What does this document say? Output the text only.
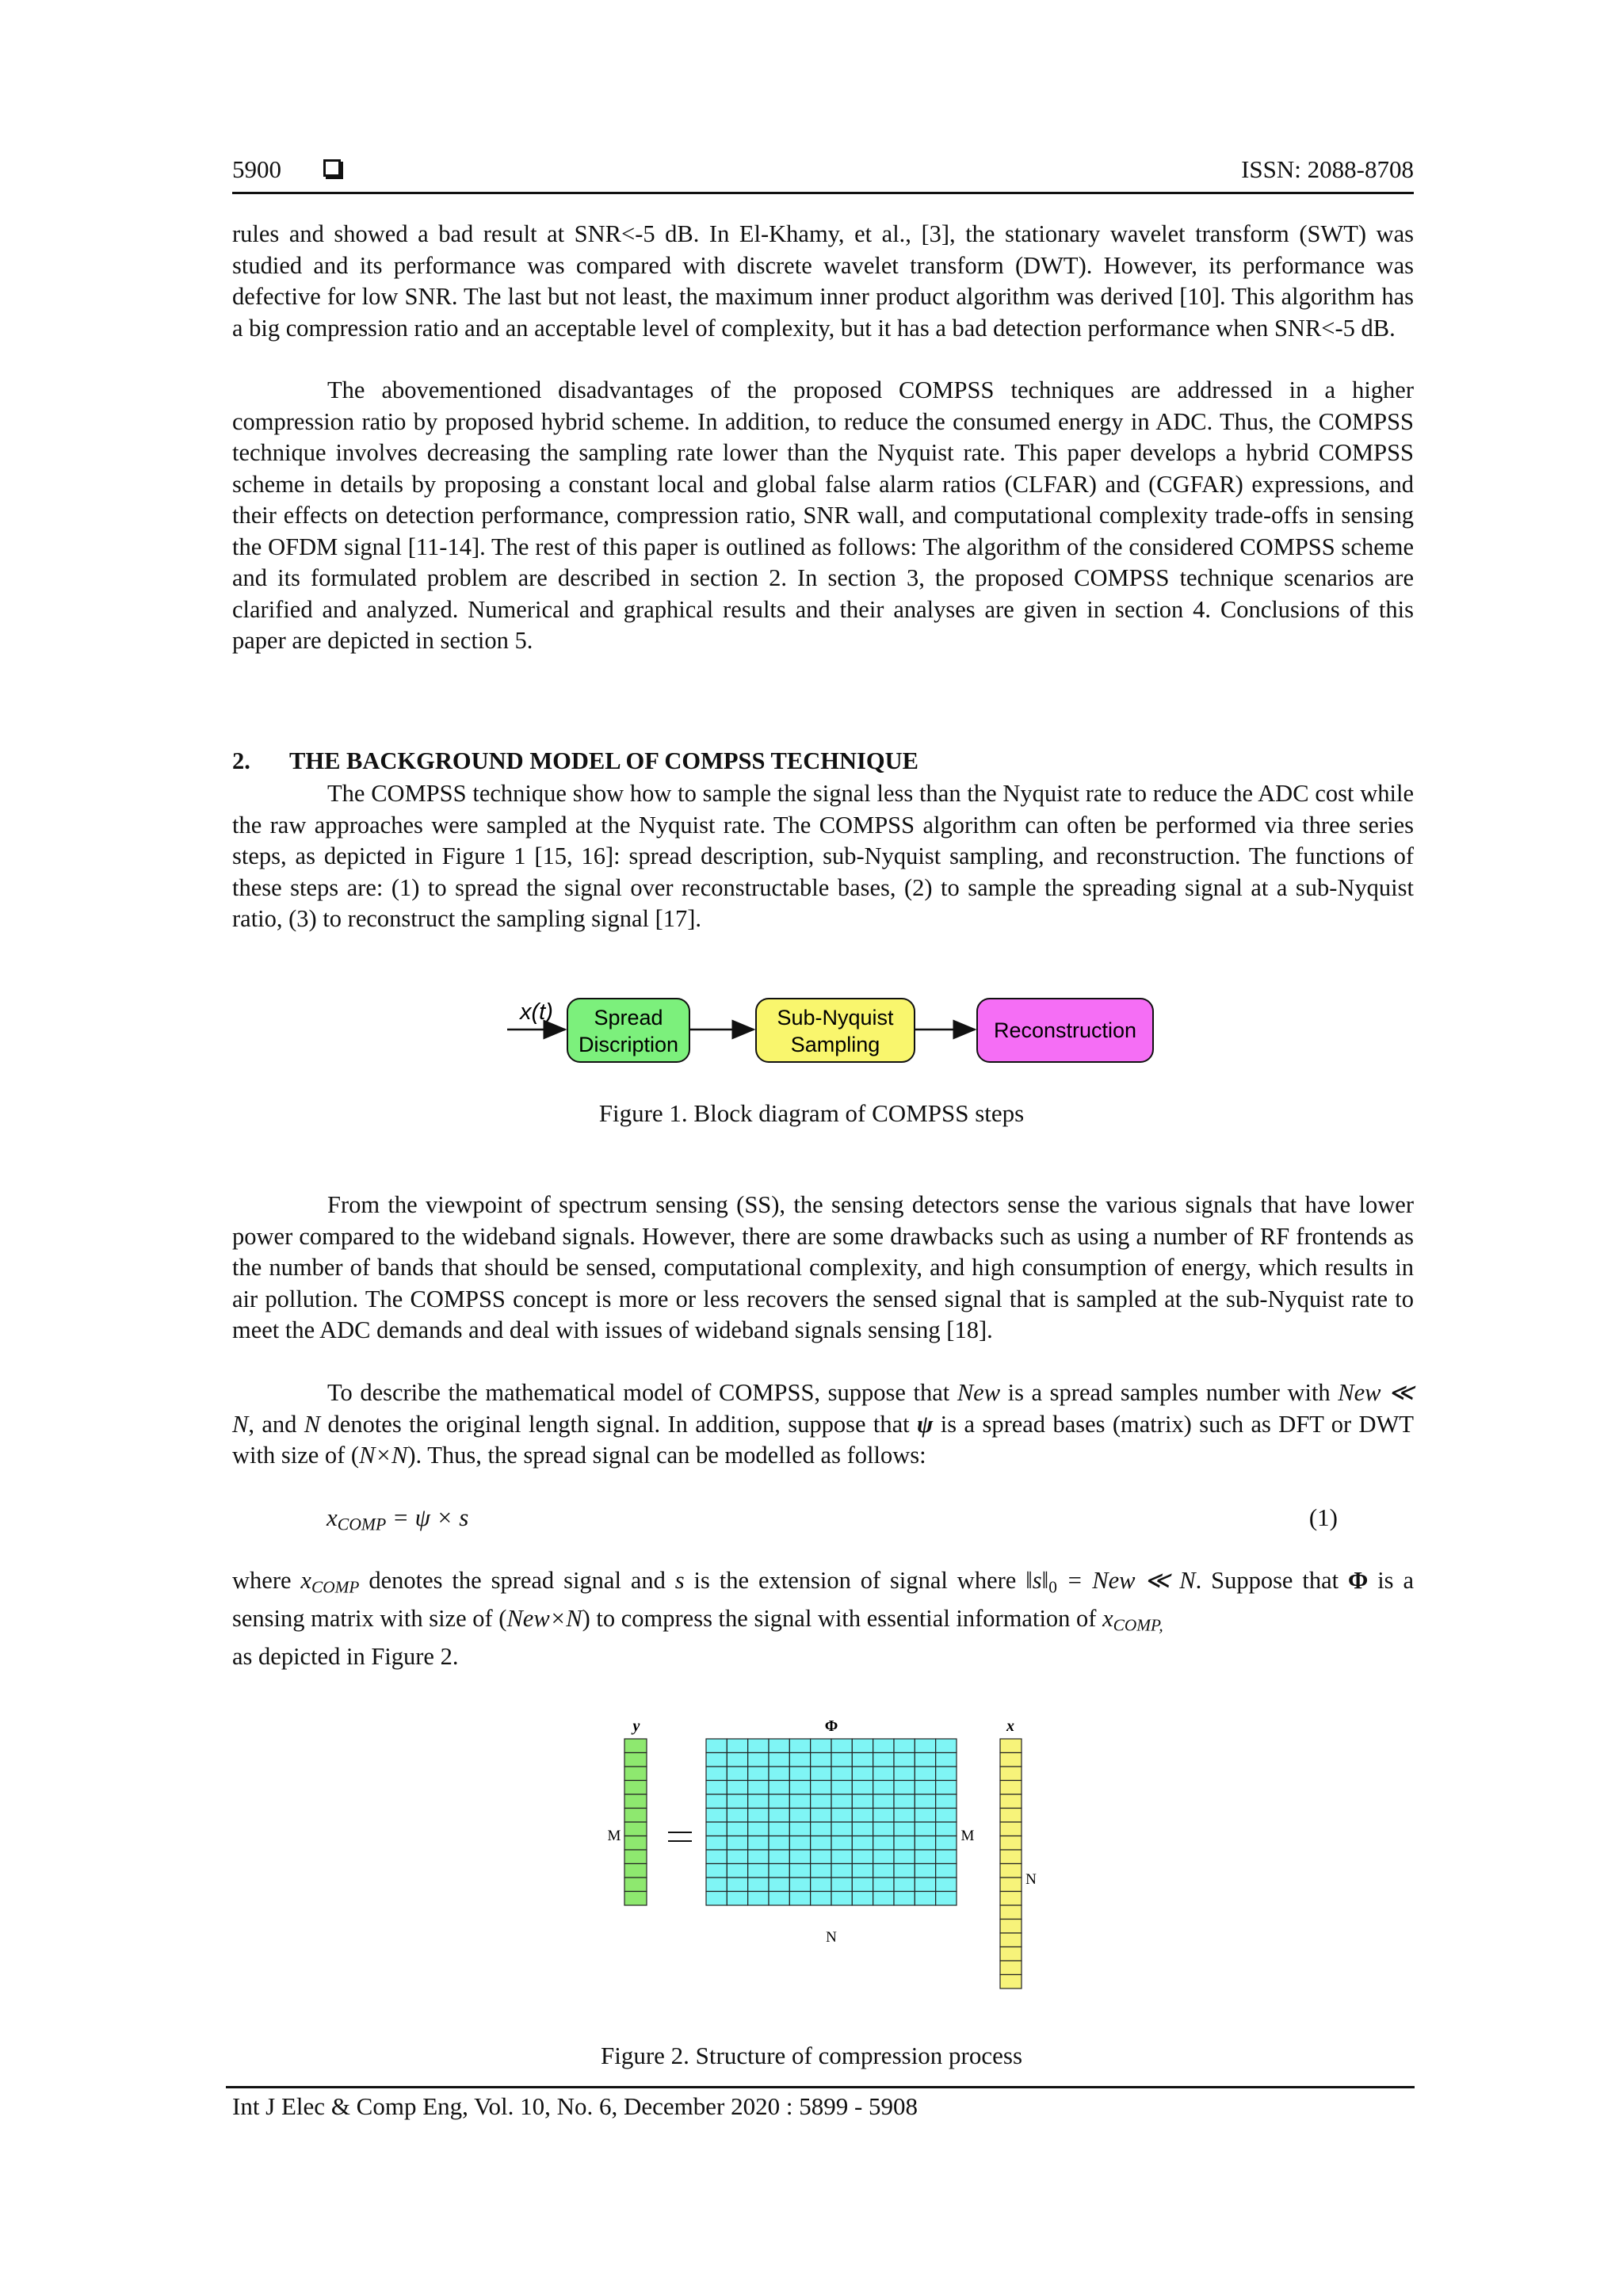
5900	ISSN: 2088-8708

rules and showed a bad result at SNR<-5 dB. In El-Khamy, et al., [3], the stationary wavelet transform (SWT) was studied and its performance was compared with discrete wavelet transform (DWT). However, its performance was defective for low SNR. The last but not least, the maximum inner product algorithm was derived [10]. This algorithm has a big compression ratio and an acceptable level of complexity, but it has a bad detection performance when SNR<-5 dB.

The abovementioned disadvantages of the proposed COMPSS techniques are addressed in a higher compression ratio by proposed hybrid scheme. In addition, to reduce the consumed energy in ADC. Thus, the COMPSS technique involves decreasing the sampling rate lower than the Nyquist rate. This paper develops a hybrid COMPSS scheme in details by proposing a constant local and global false alarm ratios (CLFAR) and (CGFAR) expressions, and their effects on detection performance, compression ratio, SNR wall, and computational complexity trade-offs in sensing the OFDM signal [11-14]. The rest of this paper is outlined as follows: The algorithm of the considered COMPSS scheme and its formulated problem are described in section 2. In section 3, the proposed COMPSS technique scenarios are clarified and analyzed. Numerical and graphical results and their analyses are given in section 4. Conclusions of this paper are depicted in section 5.

2. THE BACKGROUND MODEL OF COMPSS TECHNIQUE

The COMPSS technique show how to sample the signal less than the Nyquist rate to reduce the ADC cost while the raw approaches were sampled at the Nyquist rate. The COMPSS algorithm can often be performed via three series steps, as depicted in Figure 1 [15, 16]: spread description, sub-Nyquist sampling, and reconstruction. The functions of these steps are: (1) to spread the signal over reconstructable bases, (2) to sample the spreading signal at a sub-Nyquist ratio, (3) to reconstruct the sampling signal [17].

x(t) Spread
Discription
Sub-Nyquist
Sampling
Reconstruction
Figure 1. Block diagram of COMPSS steps

From the viewpoint of spectrum sensing (SS), the sensing detectors sense the various signals that have lower power compared to the wideband signals. However, there are some drawbacks such as using a number of RF frontends as the number of bands that should be sensed, computational complexity, and high consumption of energy, which results in air pollution. The COMPSS concept is more or less recovers the sensed signal that is sampled at the sub-Nyquist rate to meet the ADC demands and deal with issues of wideband signals sensing [18].

To describe the mathematical model of COMPSS, suppose that New is a spread samples number with New ≪ N, and N denotes the original length signal. In addition, suppose that ψ is a spread bases (matrix) such as DFT or DWT with size of (N×N). Thus, the spread signal can be modelled as follows:

$x_{COMP} = \psi \times s$	(1)

where $x_{COMP}$ denotes the spread signal and s is the extension of signal where $‖s‖_0$ = New ≪ N. Suppose that Φ is a sensing matrix with size of (New×N) to compress the signal with essential information of $x_{COMP,}$
as depicted in Figure 2.

y	Φ	x
M	M
N
N
Figure 2. Structure of compression process
Int J Elec & Comp Eng, Vol. 10, No. 6, December 2020 : 5899 - 5908
